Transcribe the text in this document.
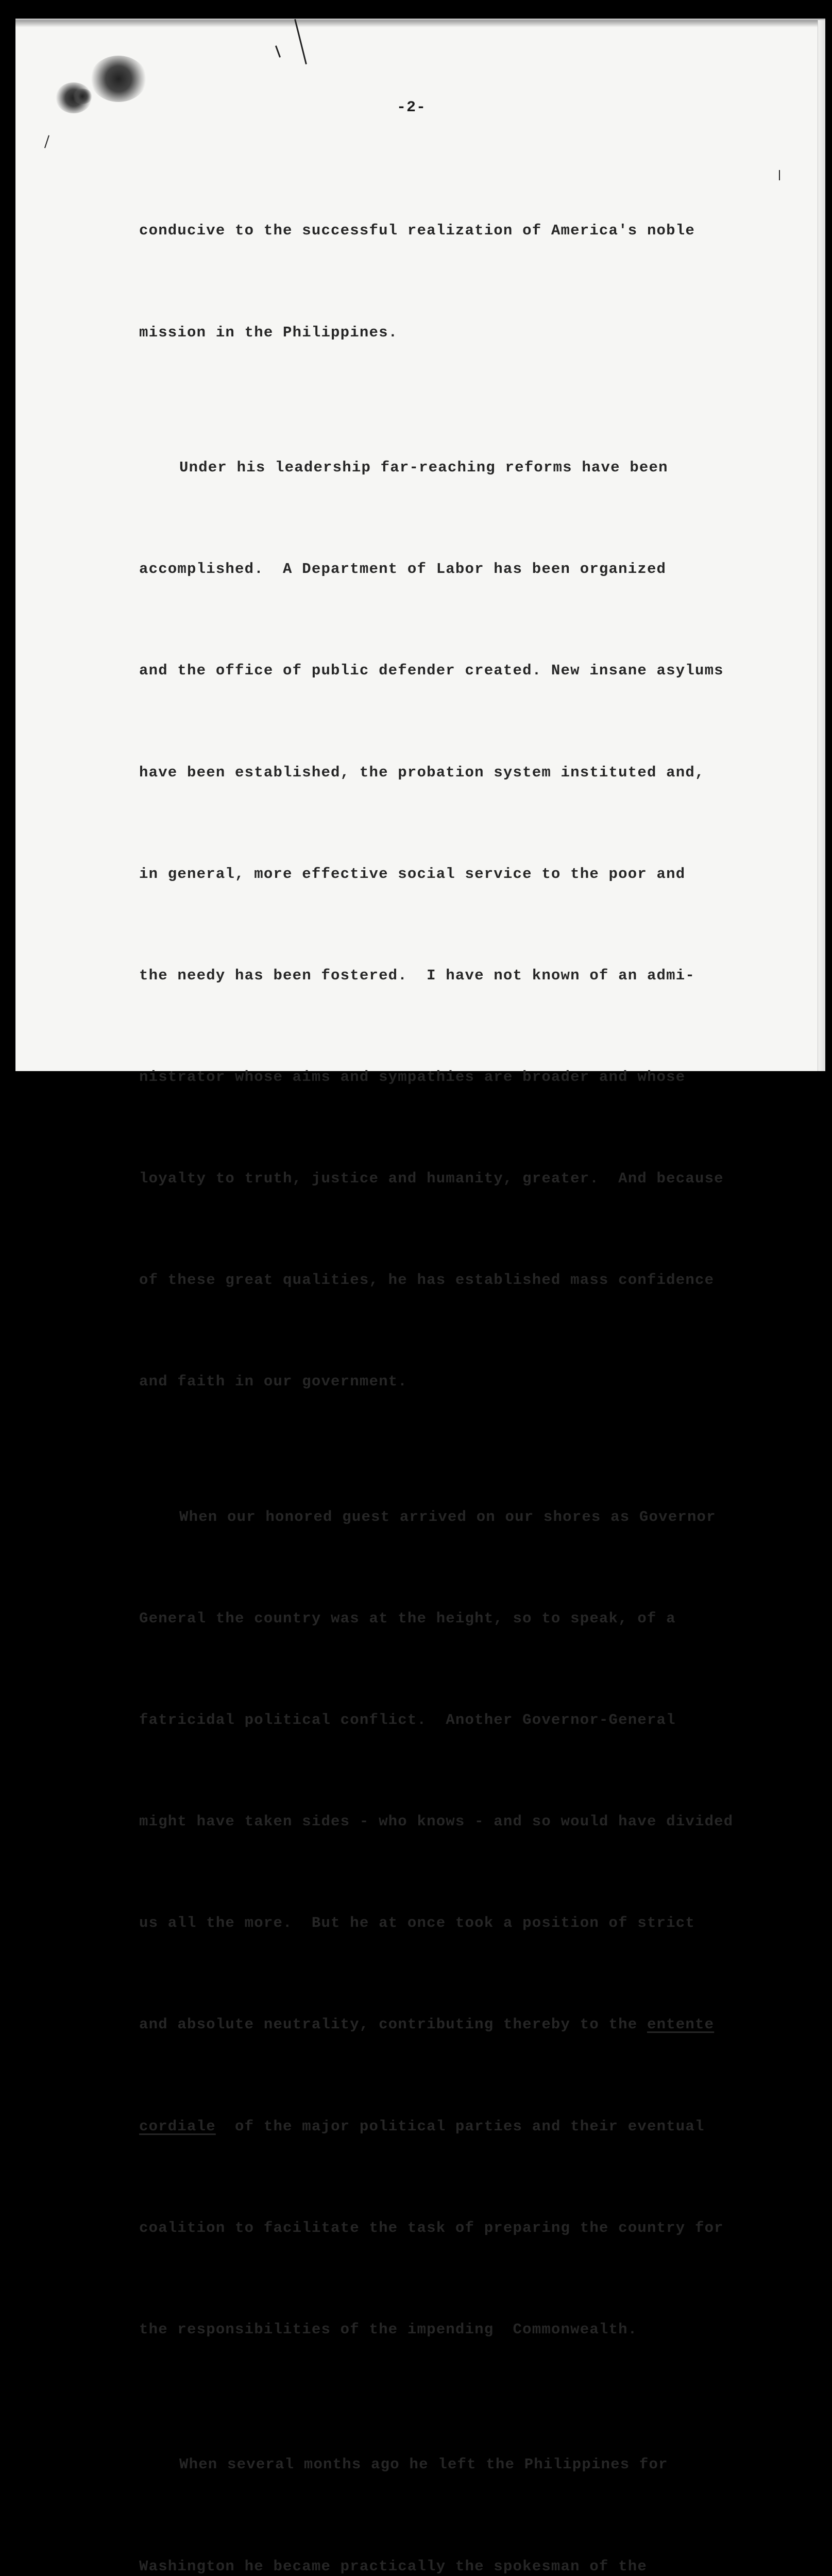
-2-

conducive to the successful realization of America's noble

mission in the Philippines.

Under his leadership far-reaching reforms have been

accomplished.  A Department of Labor has been organized

and the office of public defender created. New insane asylums

have been established, the probation system instituted and,

in general, more effective social service to the poor and

the needy has been fostered.  I have not known of an admi-

nistrator whose aims and sympathies are broader and whose

loyalty to truth, justice and humanity, greater.  And because

of these great qualities, he has established mass confidence

and faith in our government.

When our honored guest arrived on our shores as Governor

General the country was at the height, so to speak, of a

fatricidal political conflict.  Another Governor-General

might have taken sides - who knows - and so would have divided

us all the more.  But he at once took a position of strict

and absolute neutrality, contributing thereby to the entente

cordiale of the major political parties and their eventual

coalition to facilitate the task of preparing the country for

the responsibilities of the impending  Commonwealth.

When several months ago he left the Philippines for

Washington he became practically the spokesman of the
